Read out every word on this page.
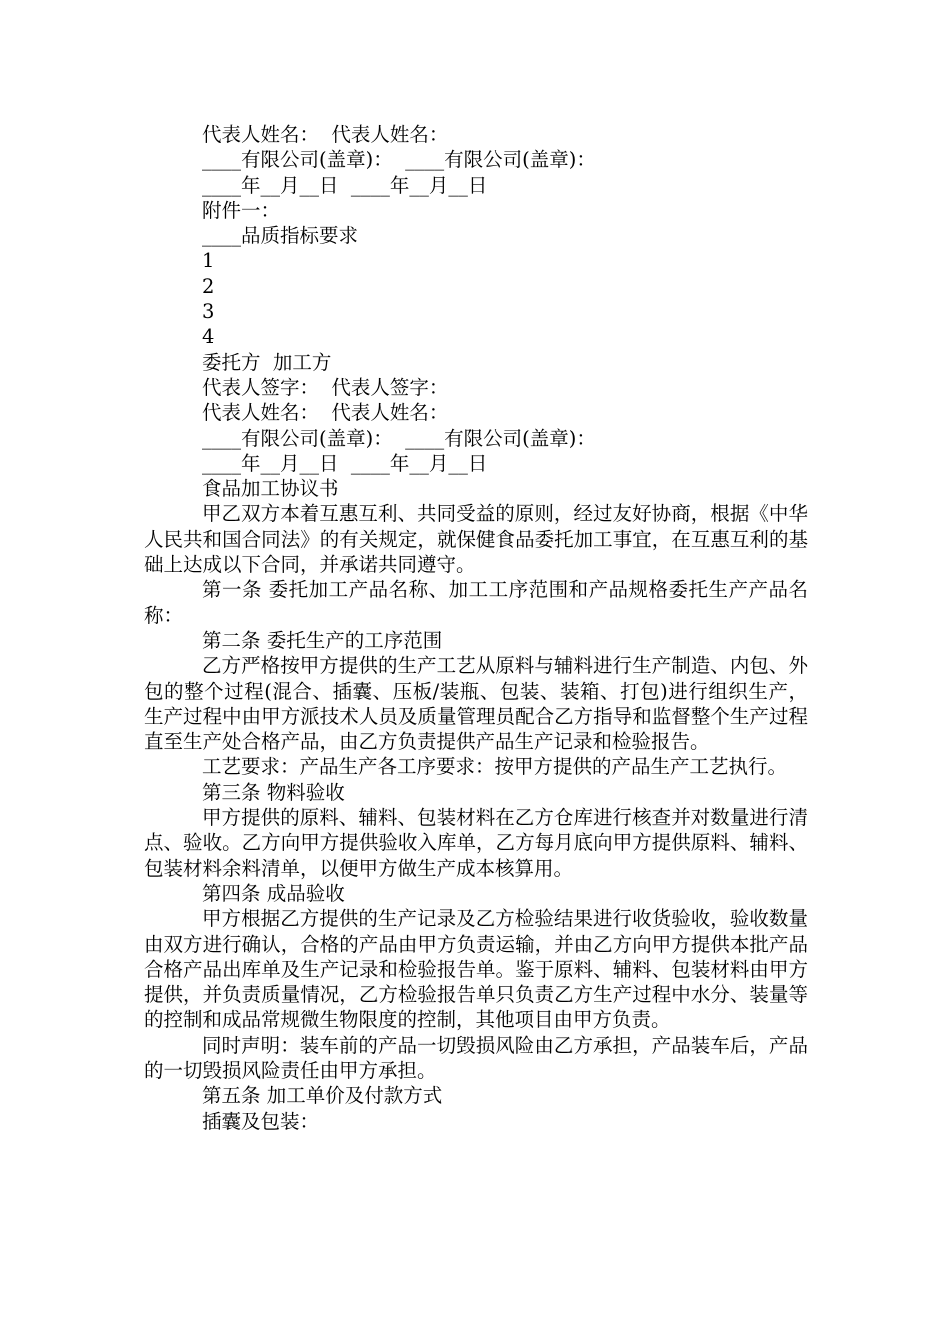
代表人姓名：  代表人姓名：
____有限公司(盖章)：  ____有限公司(盖章)：
____年__月__日  ____年__月__日
附件一：
____品质指标要求
1
2
3
4
委托方  加工方
代表人签字：  代表人签字：
代表人姓名：  代表人姓名：
____有限公司(盖章)：  ____有限公司(盖章)：
____年__月__日  ____年__月__日
食品加工协议书

甲乙双方本着互惠互利、共同受益的原则，经过友好协商，根据《中华人民共和国合同法》的有关规定，就保健食品委托加工事宜，在互惠互利的基础上达成以下合同，并承诺共同遵守。

第一条 委托加工产品名称、加工工序范围和产品规格委托生产产品名称：

第二条 委托生产的工序范围

乙方严格按甲方提供的生产工艺从原料与辅料进行生产制造、内包、外包的整个过程(混合、插囊、压板/装瓶、包装、装箱、打包)进行组织生产，生产过程中由甲方派技术人员及质量管理员配合乙方指导和监督整个生产过程直至生产处合格产品，由乙方负责提供产品生产记录和检验报告。

工艺要求：产品生产各工序要求：按甲方提供的产品生产工艺执行。

第三条 物料验收

甲方提供的原料、辅料、包装材料在乙方仓库进行核查并对数量进行清点、验收。乙方向甲方提供验收入库单，乙方每月底向甲方提供原料、辅料、包装材料余料清单，以便甲方做生产成本核算用。

第四条 成品验收

甲方根据乙方提供的生产记录及乙方检验结果进行收货验收，验收数量由双方进行确认，合格的产品由甲方负责运输，并由乙方向甲方提供本批产品合格产品出库单及生产记录和检验报告单。鉴于原料、辅料、包装材料由甲方提供，并负责质量情况，乙方检验报告单只负责乙方生产过程中水分、装量等的控制和成品常规微生物限度的控制，其他项目由甲方负责。

同时声明：装车前的产品一切毁损风险由乙方承担，产品装车后，产品的一切毁损风险责任由甲方承担。

第五条 加工单价及付款方式

插囊及包装：
